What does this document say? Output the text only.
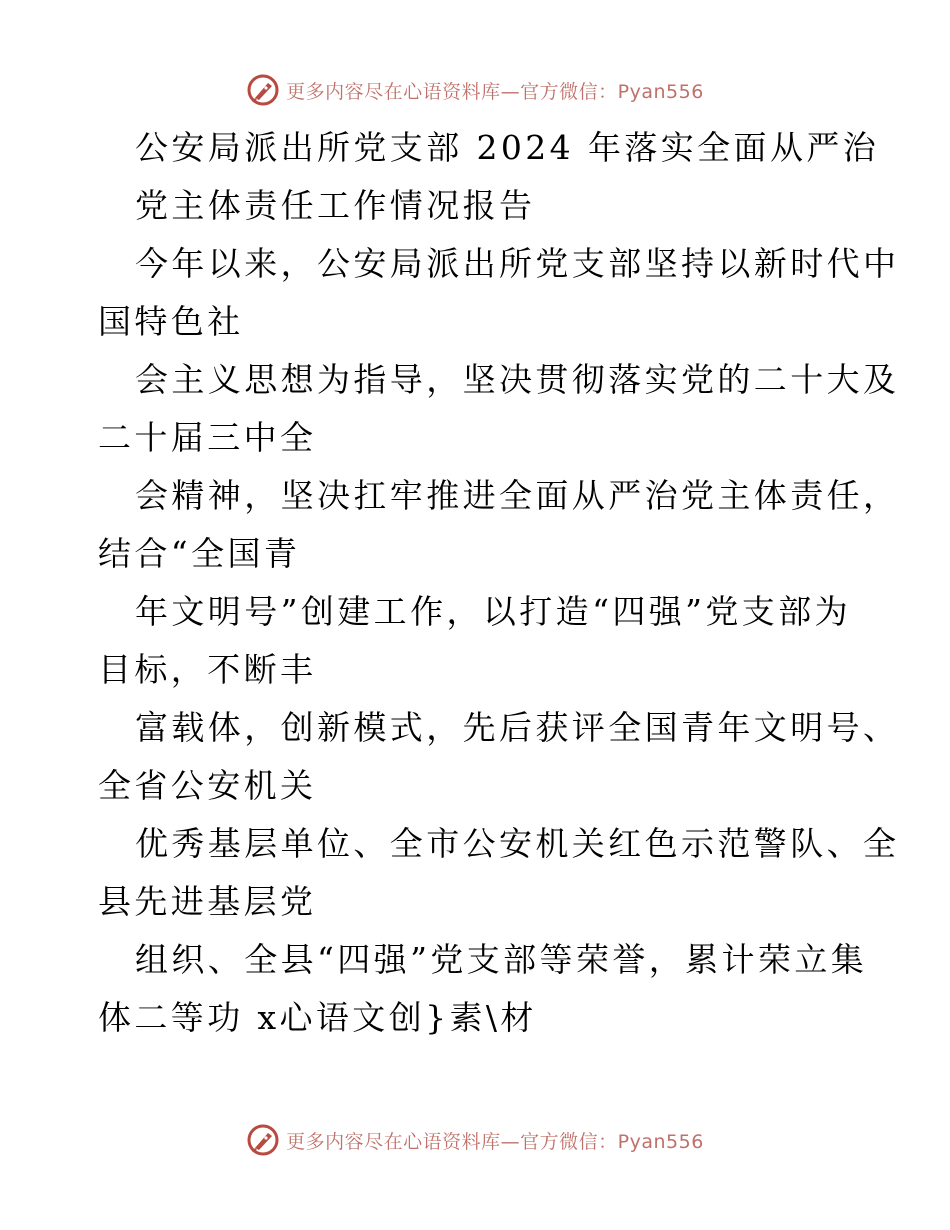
更多内容尽在心语资料库—官方微信：Pyan556
公安局派出所党支部 2024 年落实全面从严治
党主体责任工作情况报告
今年以来，公安局派出所党支部坚持以新时代中
国特色社
会主义思想为指导，坚决贯彻落实党的二十大及
二十届三中全
会精神，坚决扛牢推进全面从严治党主体责任，
结合“全国青
年文明号”创建工作，以打造“四强”党支部为
目标，不断丰
富载体，创新模式，先后获评全国青年文明号、
全省公安机关
优秀基层单位、全市公安机关红色示范警队、全
县先进基层党
组织、全县“四强”党支部等荣誉，累计荣立集
体二等功 x心语文创}素\材
更多内容尽在心语资料库—官方微信：Pyan556
